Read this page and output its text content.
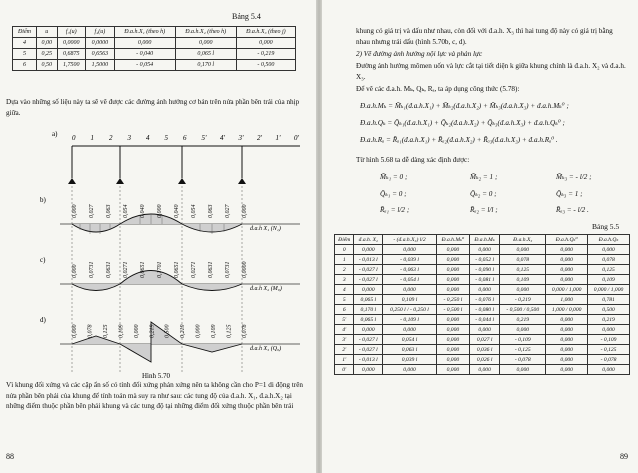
Bảng 5.4
Điểm	u	f₃(u)	f₄(u)	Đ.a.h.X₁ (theo h)	Đ.a.h.X₂ (theo h)	Đ.a.h.X₃ (theo j)
4	0,00	0,0000	0,0000	0,000	0,000	0,000
5	0,25	0,6875	0,6563	- 0,040	0,065 l	- 0,219
6	0,50	1,7500	1,5000	- 0,054	0,170 l	- 0,500
Dựa vào những số liệu này ta sẽ vẽ được các đường ảnh hưởng cơ bản trên nửa phần bên trái của nhịp giữa.
0 1 2 3 4 5 6 5' 4' 3' 2' 1' 0'
a)
b)
c)
d)
đ.a.h X₁ (N₁)
đ.a.h X₂ (M₀)
đ.a.h X₃ (Q₀)
0,000 0,027 0,063 0,054 0,040 0,000 0,040 0,054 0,063 0,027 0,000
0,000 0,0731 0,0631 0,0271 0,0651 0,1701 0,0651 0,0271 0,0631 0,0731 0,0000
0,000 0,078 0,125 0,109 0,000 0,219 0,500 0,219 0,000 0,109 0,125 0,078
Hình 5.70
Vì khung đối xứng và các cặp ẩn số có tính đối xứng phản xứng nên ta không cần cho P=1 di động trên nửa phần bên phải của khung để tính toán mà suy ra như sau: các tung độ của đ.a.h. X₁, đ.a.h.X₂ tại những điểm thuộc phần bên phải khung và các tung độ tại những điểm đối xứng thuộc phần bên trái
88
khung có giá trị và dấu như nhau, còn đối với đ.a.h. X₃ thì hai tung độ này có giá trị bằng nhau nhưng trái dấu (hình 5.70b, c, d).
2) Vẽ đường ảnh hưởng nội lực và phản lực
Đường ảnh hưởng mômen uốn và lực cắt tại tiết diện k giữa khung chính là đ.a.h. X₂ và đ.a.h. X₃.
Để vẽ các đ.a.h. Mₖ, Qₖ, Rₐ, ta áp dụng công thức (5.78):
Đ.a.h.Mₖ = M̄ₖ₁(đ.a.h.X₁) + M̄ₖ₂(đ.a.h.X₂) + M̄ₖ₃(đ.a.h.X₃) + đ.a.h.Mₖ⁰ ;
Đ.a.h.Qₖ = Q̄ₖ₁(đ.a.h.X₁) + Q̄ₖ₂(đ.a.h.X₂) + Q̄ₖ₃(đ.a.h.X₃) + đ.a.h.Qₖ⁰ ;
Đ.a.h.Rₐ = R̄ₐ₁(đ.a.h.X₁) + R̄ₐ₂(đ.a.h.X₂) + R̄ₐ₃(đ.a.h.X₃) + đ.a.h.Rₐ⁰ .
Từ hình 5.68 ta dễ dàng xác định được:
M̄ₖ₁ = 0 ;	M̄ₖ₂ = 1 ;	M̄ₖ₃ = - l/2 ;
Q̄ₖ₁ = 0 ;	Q̄ₖ₂ = 0 ;	Q̄ₖ₃ = 1 ;
R̄ₐ₁ = l/2 ;	R̄ₐ₂ = l/l ;	R̄ₐ₃ = - l/2 .
Bảng 5.5
Điểm	đ.a.h. X₂	- (đ.a.h.X₃) l/2	Đ.a.h.Mₖ⁰	Đ.a.h.Mₖ	Đ.a.h.X₃	Đ.a.h.Qₖ⁰	Đ.a.h.Qₖ
0	0,000	0,000	0,000	0,000	0,000	0,000	0,000
1	- 0,013 l	- 0,039 l	0,000	- 0,052 l	0,078	0,000	0,078
2	- 0,027 l	- 0,063 l	0,000	- 0,090 l	0,125	0,000	0,125
3	- 0,027 l	- 0,054 l	0,000	- 0,081 l	0,109	0,000	0,109
4	0,000	0,000	0,000	0,000	0,000	0,000 / 1,000	0,000 / 1,000
5	0,065 l	0,109 l	- 0,250 l	- 0,076 l	- 0,219	1,000	0,781
6	0,170 l	0,250 l / - 0,250 l	- 0,500 l	- 0,080 l	- 0,500 / 0,500	1,000 / 0,000	0,500
5'	0,065 l	- 0,109 l	0,000	- 0,044 l	0,219	0,000	0,219
4'	0,000	0,000	0,000	0,000	0,000	0,000	0,000
3'	- 0,027 l	0,054 l	0,000	0,027 l	- 0,109	0,000	- 0,109
2'	- 0,027 l	0,063 l	0,000	0,036 l	- 0,125	0,000	- 0,125
1'	- 0,013 l	0,039 l	0,000	0,026 l	- 0,078	0,000	- 0,078
0'	0,000	0,000	0,000	0,000	0,000	0,000	0,000
89
